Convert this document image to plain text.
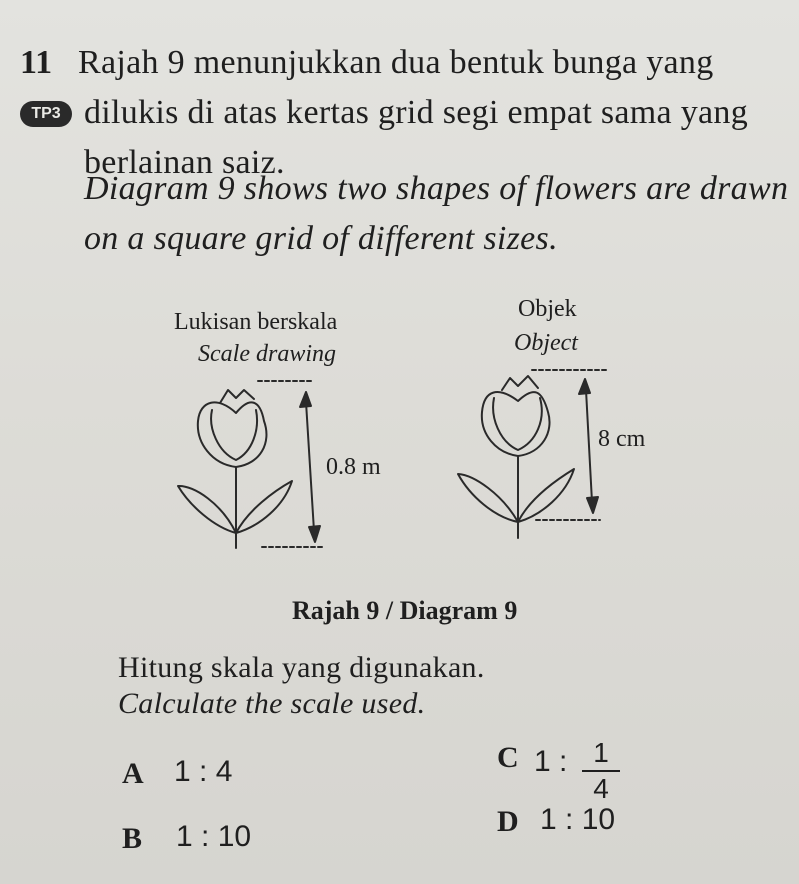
11
TP3
Rajah 9 menunjukkan dua bentuk bunga yang
dilukis di atas kertas grid segi empat sama yang
berlainan saiz.
Diagram 9 shows two shapes of flowers are drawn
on a square grid of different sizes.
Lukisan berskala
Scale drawing
Objek
Object
0.8 m
8 cm
Rajah 9 / Diagram 9
Hitung skala yang digunakan.
Calculate the scale used.
A 1 : 4
B 1 : 10
C 1 : 1
4
D 1 : 10
